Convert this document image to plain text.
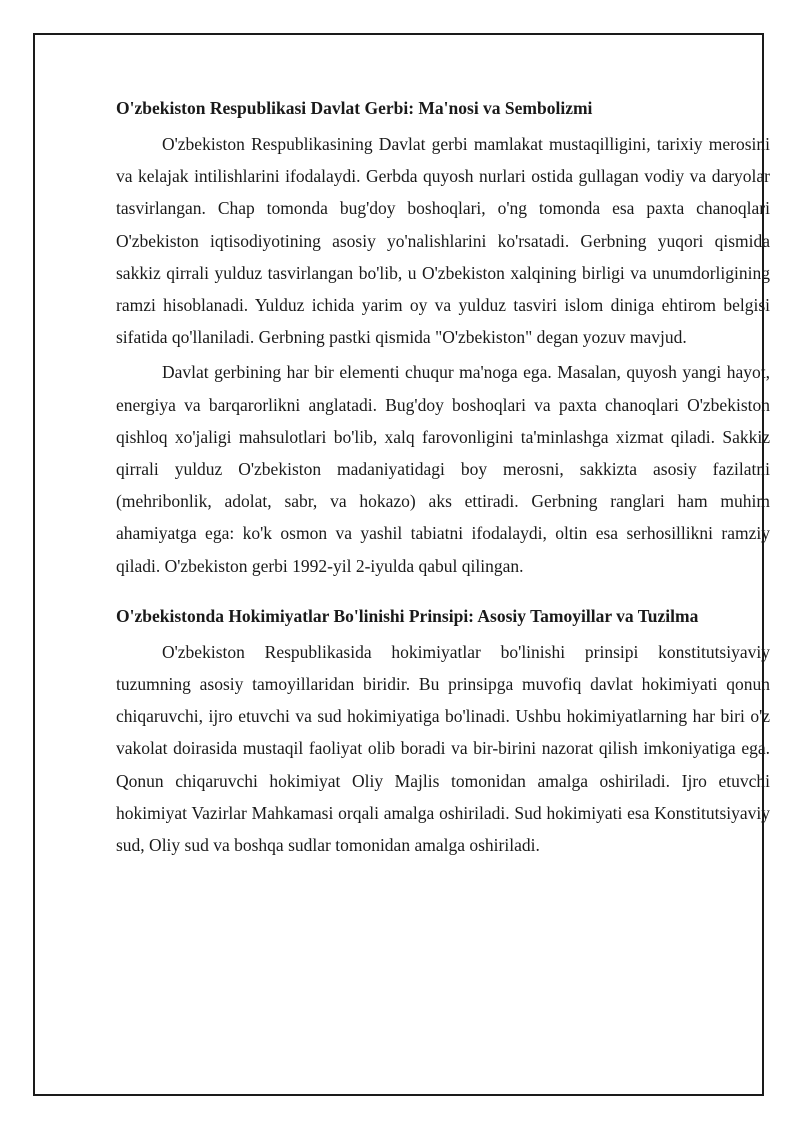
O'zbekiston Respublikasi Davlat Gerbi: Ma'nosi va Sembolizmi

O'zbekiston Respublikasining Davlat gerbi mamlakat mustaqilligini, tarixiy merosini va kelajak intilishlarini ifodalaydi. Gerbda quyosh nurlari ostida gullagan vodiy va daryolar tasvirlangan. Chap tomonda bug'doy boshoqlari, o'ng tomonda esa paxta chanoqlari O'zbekiston iqtisodiyotining asosiy yo'nalishlarini ko'rsatadi. Gerbning yuqori qismida sakkiz qirrali yulduz tasvirlangan bo'lib, u O'zbekiston xalqining birligi va unumdorligining ramzi hisoblanadi. Yulduz ichida yarim oy va yulduz tasviri islom diniga ehtirom belgisi sifatida qo'llaniladi. Gerbning pastki qismida "O'zbekiston" degan yozuv mavjud.

Davlat gerbining har bir elementi chuqur ma'noga ega. Masalan, quyosh yangi hayot, energiya va barqarorlikni anglatadi. Bug'doy boshoqlari va paxta chanoqlari O'zbekiston qishloq xo'jaligi mahsulotlari bo'lib, xalq farovonligini ta'minlashga xizmat qiladi. Sakkiz qirrali yulduz O'zbekiston madaniyatidagi boy merosni, sakkizta asosiy fazilatni (mehribonlik, adolat, sabr, va hokazo) aks ettiradi. Gerbning ranglari ham muhim ahamiyatga ega: ko'k osmon va yashil tabiatni ifodalaydi, oltin esa serhosillikni ramziy qiladi. O'zbekiston gerbi 1992-yil 2-iyulda qabul qilingan.

O'zbekistonda Hokimiyatlar Bo'linishi Prinsipi: Asosiy Tamoyillar va Tuzilma

O'zbekiston Respublikasida hokimiyatlar bo'linishi prinsipi konstitutsiyaviy tuzumning asosiy tamoyillaridan biridir. Bu prinsipga muvofiq davlat hokimiyati qonun chiqaruvchi, ijro etuvchi va sud hokimiyatiga bo'linadi. Ushbu hokimiyatlarning har biri o'z vakolat doirasida mustaqil faoliyat olib boradi va bir-birini nazorat qilish imkoniyatiga ega. Qonun chiqaruvchi hokimiyat Oliy Majlis tomonidan amalga oshiriladi. Ijro etuvchi hokimiyat Vazirlar Mahkamasi orqali amalga oshiriladi. Sud hokimiyati esa Konstitutsiyaviy sud, Oliy sud va boshqa sudlar tomonidan amalga oshiriladi.
